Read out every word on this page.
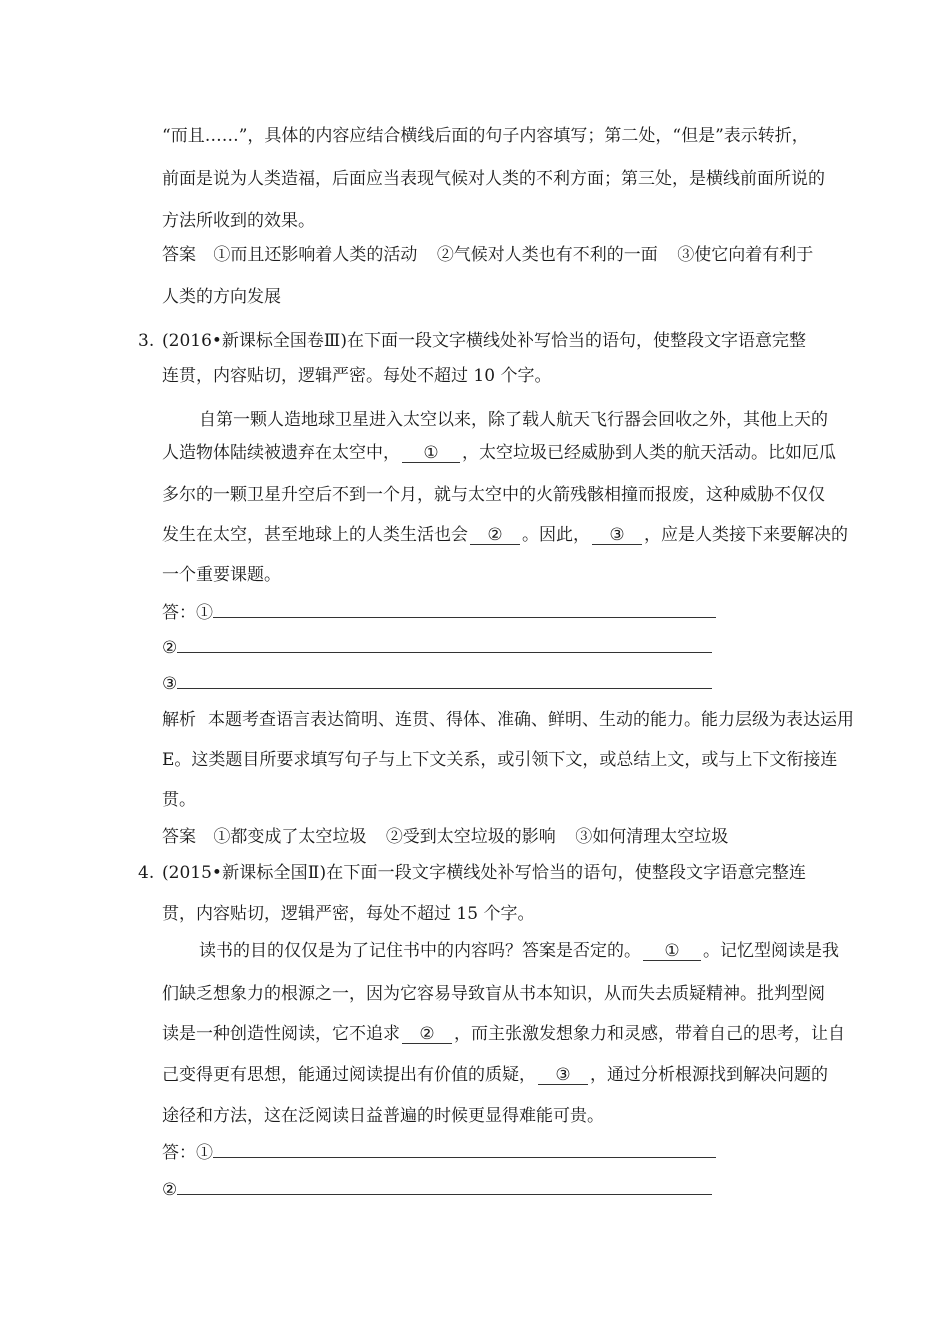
“而且……”，具体的内容应结合横线后面的句子内容填写；第二处，“但是”表示转折，
前面是说为人类造福，后面应当表现气候对人类的不利方面；第三处，是横线前面所说的
方法所收到的效果。
答案 ①而且还影响着人类的活动 ②气候对人类也有不利的一面 ③使它向着有利于
人类的方向发展
3. (2016•新课标全国卷Ⅲ)在下面一段文字横线处补写恰当的语句，使整段文字语意完整
连贯，内容贴切，逻辑严密。每处不超过 10 个字。
自第一颗人造地球卫星进入太空以来，除了载人航天飞行器会回收之外，其他上天的
人造物体陆续被遗弃在太空中， ① ，太空垃圾已经威胁到人类的航天活动。比如厄瓜
多尔的一颗卫星升空后不到一个月，就与太空中的火箭残骸相撞而报废，这种威胁不仅仅
发生在太空，甚至地球上的人类生活也会 ② 。因此， ③ ，应是人类接下来要解决的
一个重要课题。
答：①
②
③
解析 本题考查语言表达简明、连贯、得体、准确、鲜明、生动的能力。能力层级为表达运用
E。这类题目所要求填写句子与上下文关系，或引领下文，或总结上文，或与上下文衔接连
贯。
答案 ①都变成了太空垃圾 ②受到太空垃圾的影响 ③如何清理太空垃圾
4. (2015•新课标全国Ⅱ)在下面一段文字横线处补写恰当的语句，使整段文字语意完整连
贯，内容贴切，逻辑严密，每处不超过 15 个字。
读书的目的仅仅是为了记住书中的内容吗？答案是否定的。 ① 。记忆型阅读是我
们缺乏想象力的根源之一，因为它容易导致盲从书本知识，从而失去质疑精神。批判型阅
读是一种创造性阅读，它不追求 ② ，而主张激发想象力和灵感，带着自己的思考，让自
己变得更有思想，能通过阅读提出有价值的质疑， ③ ，通过分析根源找到解决问题的
途径和方法，这在泛阅读日益普遍的时候更显得难能可贵。
答：①
②
